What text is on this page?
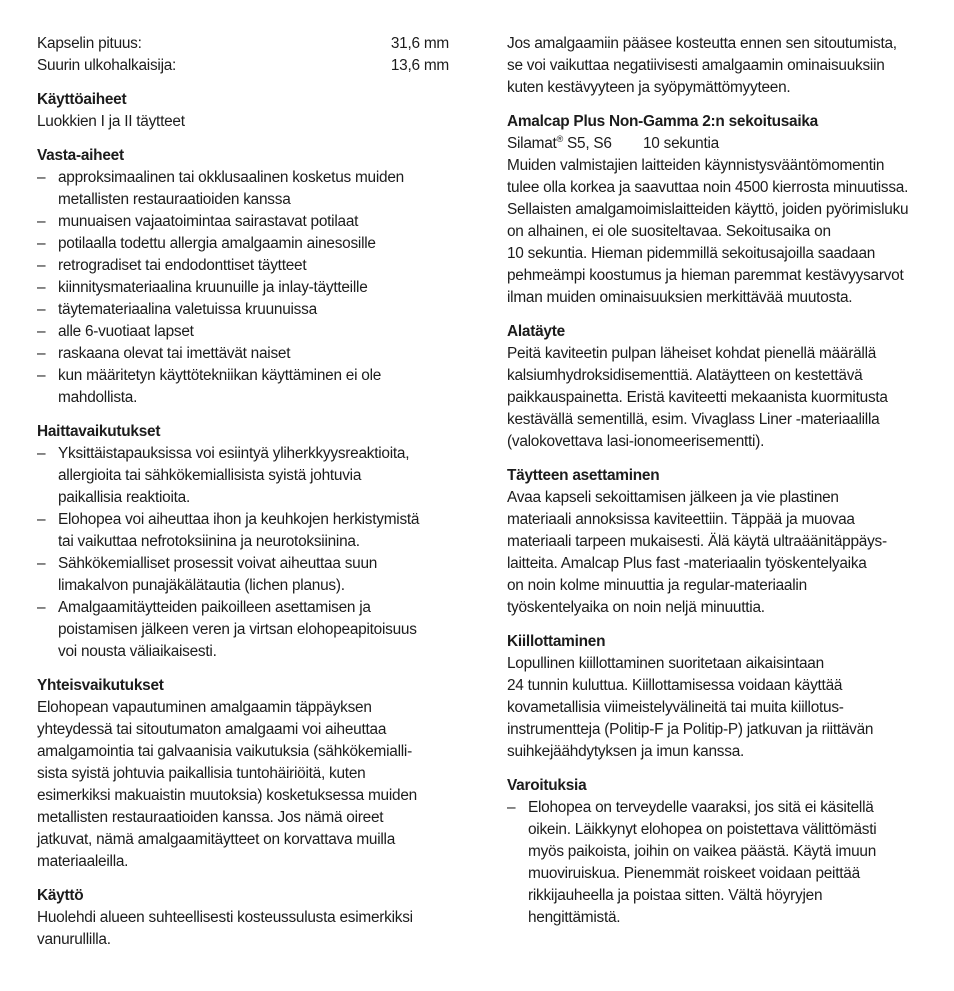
Kapselin pituus:	31,6 mm
Suurin ulkohalkaisija:	13,6 mm
Käyttöaiheet
Luokkien I ja II täytteet
Vasta-aiheet
– approksimaalinen tai okklusaalinen kosketus muiden
metallisten restauraatioiden kanssa
– munuaisen vajaatoimintaa sairastavat potilaat
– potilaalla todettu allergia amalgaamin ainesosille
– retrogradiset tai endodonttiset täytteet
– kiinnitysmateriaalina kruunuille ja inlay-täytteille
– täytemateriaalina valetuissa kruunuissa
– alle 6-vuotiaat lapset
– raskaana olevat tai imettävät naiset
– kun määritetyn käyttötekniikan käyttäminen ei ole
mahdollista.
Haittavaikutukset
– Yksittäistapauksissa voi esiintyä yliherkkyysreaktioita,
allergioita tai sähkökemiallisista syistä johtuvia
paikallisia reaktioita.
– Elohopea voi aiheuttaa ihon ja keuhkojen herkistymistä
tai vaikuttaa nefrotoksiinina ja neurotoksiinina.
– Sähkökemialliset prosessit voivat aiheuttaa suun
limakalvon punajäkälätautia (lichen planus).
– Amalgaamitäytteiden paikoilleen asettamisen ja
poistamisen jälkeen veren ja virtsan elohopeapitoisuus
voi nousta väliaikaisesti.
Yhteisvaikutukset
Elohopean vapautuminen amalgaamin täppäyksen
yhteydessä tai sitoutumaton amalgaami voi aiheuttaa
amalgamointia tai galvaanisia vaikutuksia (sähkökemialli-
sista syistä johtuvia paikallisia tuntohäiriöitä, kuten
esimerkiksi makuaistin muutoksia) kosketuksessa muiden
metallisten restauraatioiden kanssa. Jos nämä oireet
jatkuvat, nämä amalgaamitäytteet on korvattava muilla
materiaaleilla.
Käyttö
Huolehdi alueen suhteellisesti kosteussulusta esimerkiksi
vanurullilla.
Jos amalgaamiin pääsee kosteutta ennen sen sitoutumista,
se voi vaikuttaa negatiivisesti amalgaamin ominaisuuksiin
kuten kestävyyteen ja syöpymättömyyteen.
Amalcap Plus Non-Gamma 2:n sekoitusaika
Silamat® S5, S6 10 sekuntia
Muiden valmistajien laitteiden käynnistysvääntömomentin
tulee olla korkea ja saavuttaa noin 4500 kierrosta minuutissa.
Sellaisten amalgamoimislaitteiden käyttö, joiden pyörimisluku
on alhainen, ei ole suositeltavaa. Sekoitusaika on
10 sekuntia. Hieman pidemmillä sekoitusajoilla saadaan
pehmeämpi koostumus ja hieman paremmat kestävyysarvot
ilman muiden ominaisuuksien merkittävää muutosta.
Alatäyte
Peitä kaviteetin pulpan läheiset kohdat pienellä määrällä
kalsiumhydroksidisementtiä. Alatäytteen on kestettävä
paikkauspainetta. Eristä kaviteetti mekaanista kuormitusta
kestävällä sementillä, esim. Vivaglass Liner -materiaalilla
(valokovettava lasi-ionomeerisementti).
Täytteen asettaminen
Avaa kapseli sekoittamisen jälkeen ja vie plastinen
materiaali annoksissa kaviteettiin. Täppää ja muovaa
materiaali tarpeen mukaisesti. Älä käytä ultraäänitäppäys-
laitteita. Amalcap Plus fast -materiaalin työskentelyaika
on noin kolme minuuttia ja regular-materiaalin
työskentelyaika on noin neljä minuuttia.
Kiillottaminen
Lopullinen kiillottaminen suoritetaan aikaisintaan
24 tunnin kuluttua. Kiillottamisessa voidaan käyttää
kovametallisia viimeistelyvälineitä tai muita kiillotus-
instrumentteja (Politip-F ja Politip-P) jatkuvan ja riittävän
suihkejäähdytyksen ja imun kanssa.
Varoituksia
– Elohopea on terveydelle vaaraksi, jos sitä ei käsitellä
oikein. Läikkynyt elohopea on poistettava välittömästi
myös paikoista, joihin on vaikea päästä. Käytä imuun
muoviruiskua. Pienemmät roiskeet voidaan peittää
rikkijauheella ja poistaa sitten. Vältä höyryjen
hengittämistä.
